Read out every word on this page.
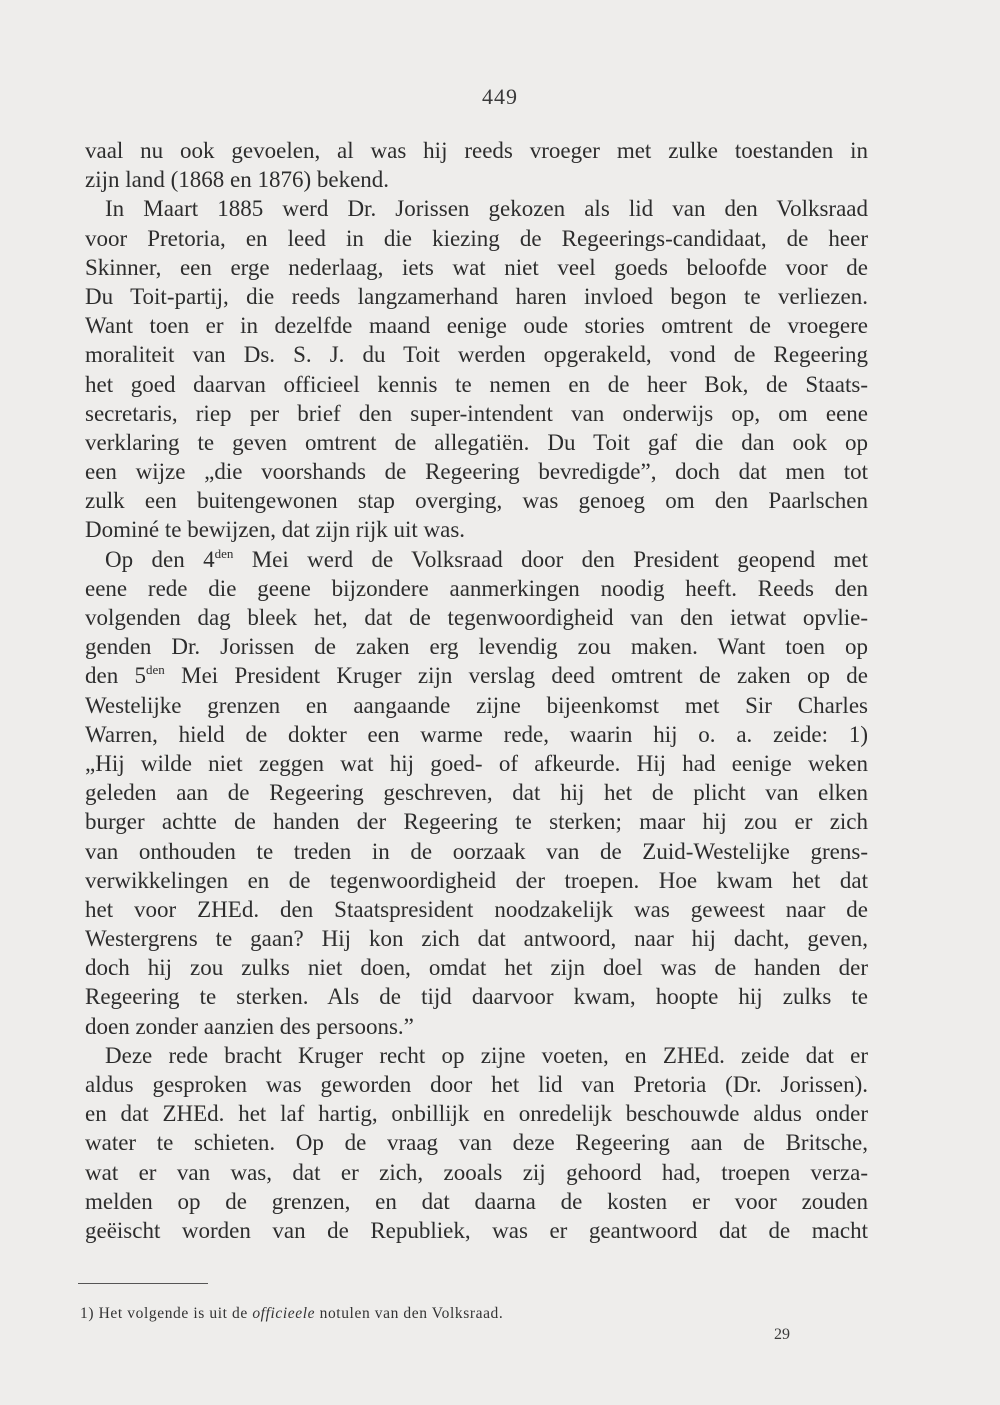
449
vaal nu ook gevoelen, al was hij reeds vroeger met zulke toestanden in
zijn land (1868 en 1876) bekend.
In Maart 1885 werd Dr. Jorissen gekozen als lid van den Volksraad
voor Pretoria, en leed in die kiezing de Regeerings-candidaat, de heer
Skinner, een erge nederlaag, iets wat niet veel goeds beloofde voor de
Du Toit-partij, die reeds langzamerhand haren invloed begon te verliezen.
Want toen er in dezelfde maand eenige oude stories omtrent de vroegere
moraliteit van Ds. S. J. du Toit werden opgerakeld, vond de Regeering
het goed daarvan officieel kennis te nemen en de heer Bok, de Staats-
secretaris, riep per brief den super-intendent van onderwijs op, om eene
verklaring te geven omtrent de allegatiën. Du Toit gaf die dan ook op
een wijze „die voorshands de Regeering bevredigde”, doch dat men tot
zulk een buitengewonen stap overging, was genoeg om den Paarlschen
Dominé te bewijzen, dat zijn rijk uit was.
Op den $4^{den}$ Mei werd de Volksraad door den President geopend met
eene rede die geene bijzondere aanmerkingen noodig heeft. Reeds den
volgenden dag bleek het, dat de tegenwoordigheid van den ietwat opvlie-
genden Dr. Jorissen de zaken erg levendig zou maken. Want toen op
den $5^{den}$ Mei President Kruger zijn verslag deed omtrent de zaken op de
Westelijke grenzen en aangaande zijne bijeenkomst met Sir Charles
Warren, hield de dokter een warme rede, waarin hij o. a. zeide: 1)
„Hij wilde niet zeggen wat hij goed- of afkeurde. Hij had eenige weken
geleden aan de Regeering geschreven, dat hij het de plicht van elken
burger achtte de handen der Regeering te sterken; maar hij zou er zich
van onthouden te treden in de oorzaak van de Zuid-Westelijke grens-
verwikkelingen en de tegenwoordigheid der troepen. Hoe kwam het dat
het voor ZHEd. den Staatspresident noodzakelijk was geweest naar de
Westergrens te gaan? Hij kon zich dat antwoord, naar hij dacht, geven,
doch hij zou zulks niet doen, omdat het zijn doel was de handen der
Regeering te sterken. Als de tijd daarvoor kwam, hoopte hij zulks te
doen zonder aanzien des persoons.”
Deze rede bracht Kruger recht op zijne voeten, en ZHEd. zeide dat er
aldus gesproken was geworden door het lid van Pretoria (Dr. Jorissen).
en dat ZHEd. het laf hartig, onbillijk en onredelijk beschouwde aldus onder
water te schieten. Op de vraag van deze Regeering aan de Britsche,
wat er van was, dat er zich, zooals zij gehoord had, troepen verza-
melden op de grenzen, en dat daarna de kosten er voor zouden
geëischt worden van de Republiek, was er geantwoord dat de macht
1) Het volgende is uit de officieele notulen van den Volksraad.
29
